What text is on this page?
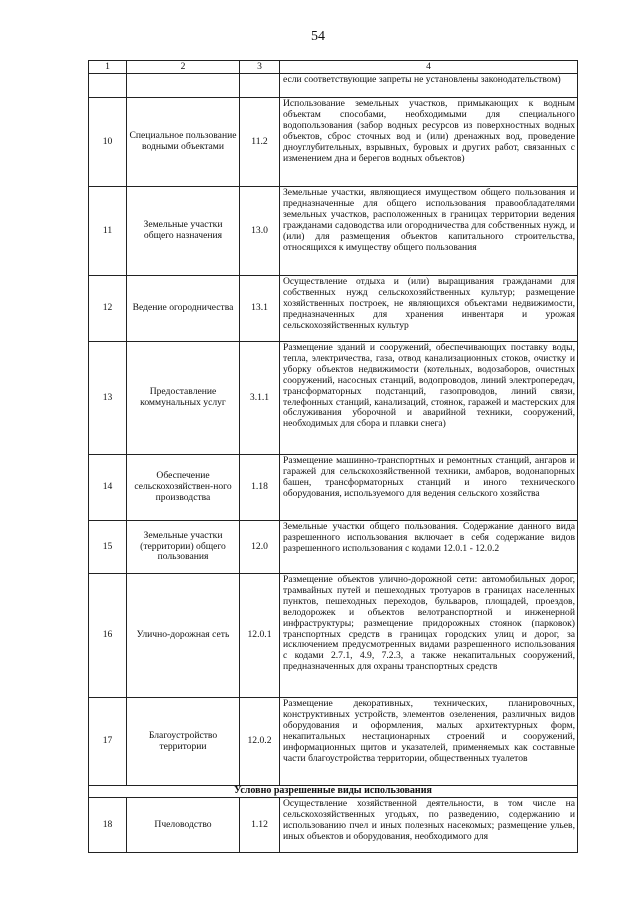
54
1	2	3	4
			если соответствующие запреты не установлены законодательством)
10	Специальное пользование водными объектами	11.2	Использование земельных участков, примыкающих к водным объектам способами, необходимыми для специального водопользования (забор водных ресурсов из поверхностных водных объектов, сброс сточных вод и (или) дренажных вод, проведение дноуглубительных, взрывных, буровых и других работ, связанных с изменением дна и берегов водных объектов)
11	Земельные участки общего назначения	13.0	Земельные участки, являющиеся имуществом общего пользования и предназначенные для общего использования правообладателями земельных участков, расположенных в границах территории ведения гражданами садоводства или огородничества для собственных нужд, и (или) для размещения объектов капитального строительства, относящихся к имуществу общего пользования
12	Ведение огородничества	13.1	Осуществление отдыха и (или) выращивания гражданами для собственных нужд сельскохозяйственных культур; размещение хозяйственных построек, не являющихся объектами недвижимости, предназначенных для хранения инвентаря и урожая сельскохозяйственных культур
13	Предоставление коммунальных услуг	3.1.1	Размещение зданий и сооружений, обеспечивающих поставку воды, тепла, электричества, газа, отвод канализационных стоков, очистку и уборку объектов недвижимости (котельных, водозаборов, очистных сооружений, насосных станций, водопроводов, линий электропередач, трансформаторных подстанций, газопроводов, линий связи, телефонных станций, канализаций, стоянок, гаражей и мастерских для обслуживания уборочной и аварийной техники, сооружений, необходимых для сбора и плавки снега)
14	Обеспечение сельскохозяйствен-ного производства	1.18	Размещение машинно-транспортных и ремонтных станций, ангаров и гаражей для сельскохозяйственной техники, амбаров, водонапорных башен, трансформаторных станций и иного технического оборудования, используемого для ведения сельского хозяйства
15	Земельные участки (территории) общего пользования	12.0	Земельные участки общего пользования. Содержание данного вида разрешенного использования включает в себя содержание видов разрешенного использования с кодами 12.0.1 - 12.0.2
16	Улично-дорожная сеть	12.0.1	Размещение объектов улично-дорожной сети: автомобильных дорог, трамвайных путей и пешеходных тротуаров в границах населенных пунктов, пешеходных переходов, бульваров, площадей, проездов, велодорожек и объектов велотранспортной и инженерной инфраструктуры; размещение придорожных стоянок (парковок) транспортных средств в границах городских улиц и дорог, за исключением предусмотренных видами разрешенного использования с кодами 2.7.1, 4.9, 7.2.3, а также некапитальных сооружений, предназначенных для охраны транспортных средств
17	Благоустройство территории	12.0.2	Размещение декоративных, технических, планировочных, конструктивных устройств, элементов озеленения, различных видов оборудования и оформления, малых архитектурных форм, некапитальных нестационарных строений и сооружений, информационных щитов и указателей, применяемых как составные части благоустройства территории, общественных туалетов
Условно разрешенные виды использования			
18	Пчеловодство	1.12	Осуществление хозяйственной деятельности, в том числе на сельскохозяйственных угодьях, по разведению, содержанию и использованию пчел и иных полезных насекомых; размещение ульев, иных объектов и оборудования, необходимого для
